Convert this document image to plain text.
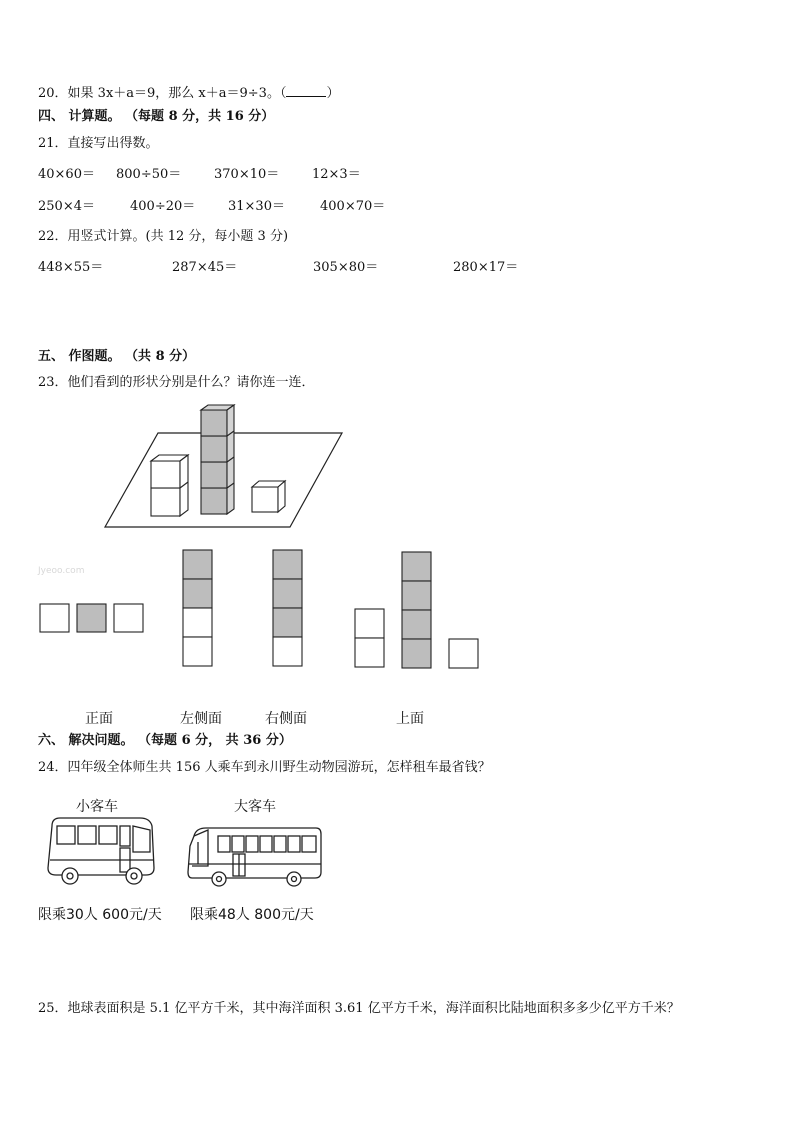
20．如果 3x＋a＝9，那么 x＋a＝9÷3。（	）
四、 计算题。 （每题 8 分，共 16 分）
21．直接写出得数。
40×60＝ 800÷50＝	370×10＝	12×3＝
250×4＝	400÷20＝	31×30＝	400×70＝
22．用竖式计算。(共 12 分，每小题 3 分)
448×55＝	287×45＝	305×80＝	280×17＝
五、 作图题。 （共 8 分）
23．他们看到的形状分别是什么？请你连一连．
Jyeoo.com
正面	左侧面	右侧面	上面
六、 解决问题。 （每题 6 分， 共 36 分）
24．四年级全体师生共 156 人乘车到永川野生动物园游玩，怎样租车最省钱？
小客车	大客车
限乘30人 600元/天 限乘48人 800元/天
25．地球表面积是 5.1 亿平方千米，其中海洋面积 3.61 亿平方千米，海洋面积比陆地面积多多少亿平方千米？
